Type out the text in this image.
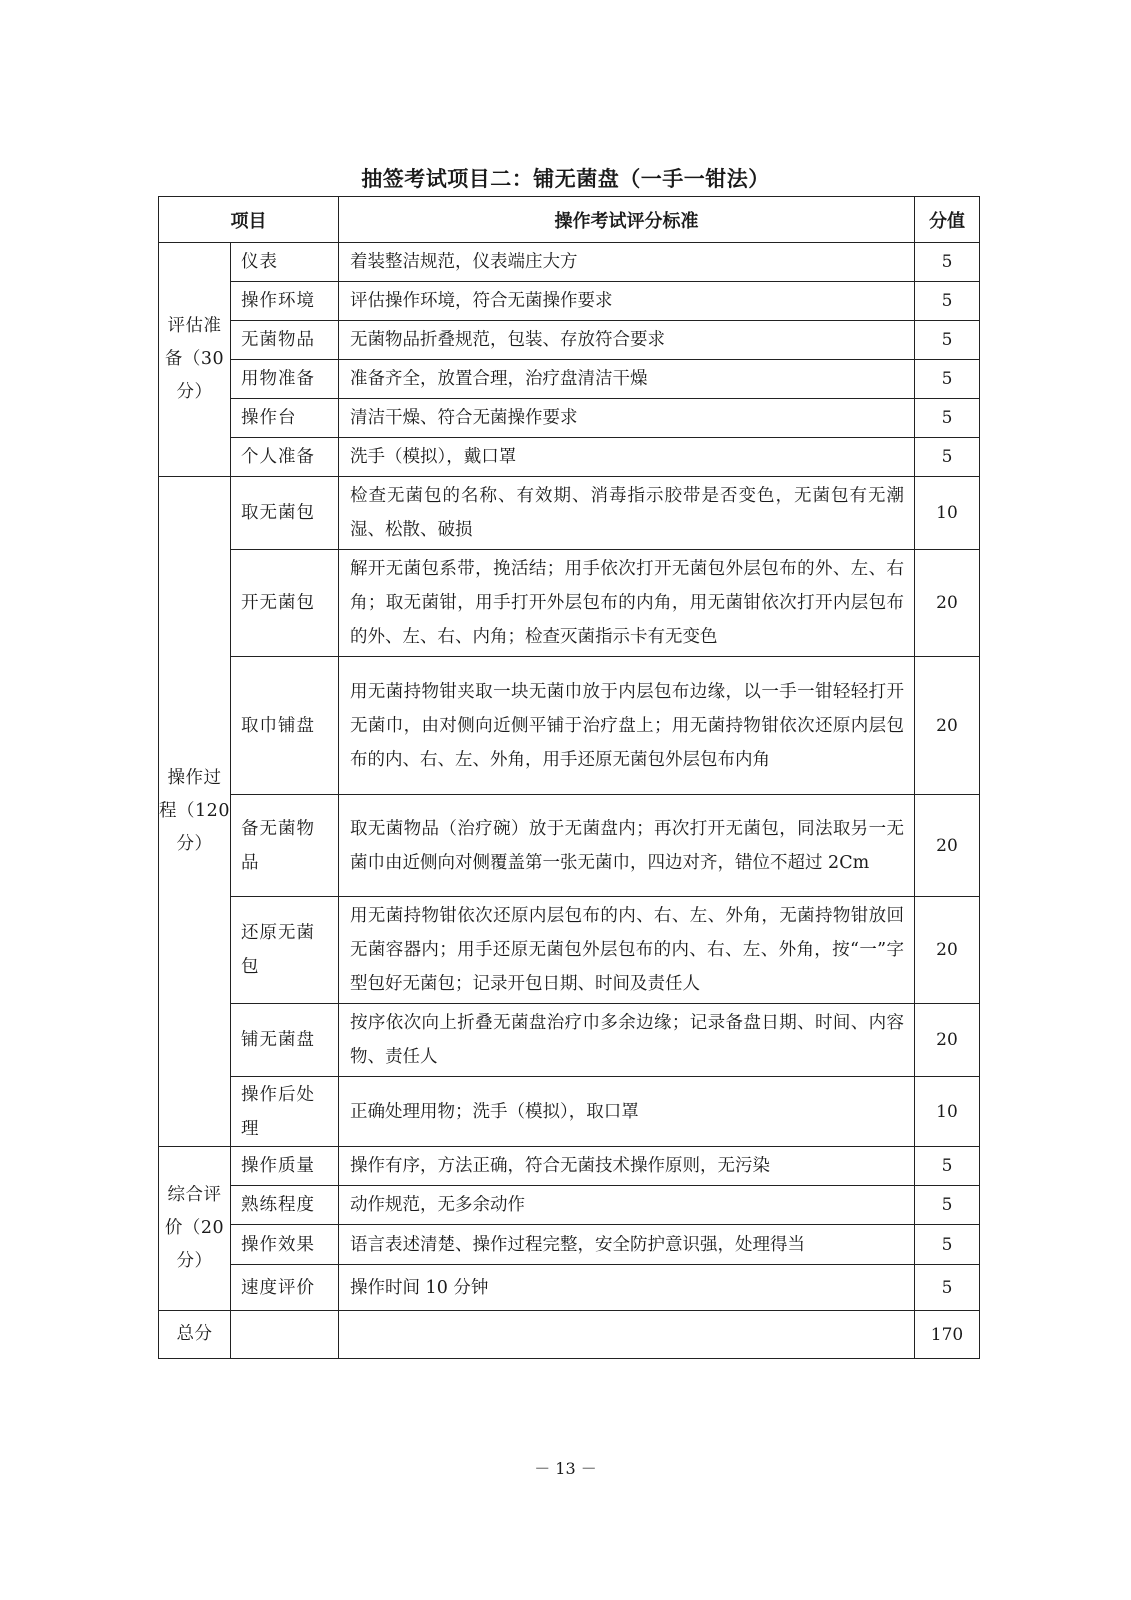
抽签考试项目二：铺无菌盘（一手一钳法）
项目		操作考试评分标准	分值
评估准备（30分）	仪表	着装整洁规范，仪表端庄大方	5
	操作环境	评估操作环境，符合无菌操作要求	5
	无菌物品	无菌物品折叠规范，包装、存放符合要求	5
	用物准备	准备齐全，放置合理，治疗盘清洁干燥	5
	操作台	清洁干燥、符合无菌操作要求	5
	个人准备	洗手（模拟），戴口罩	5
操作过程（120分）	取无菌包	检查无菌包的名称、有效期、消毒指示胶带是否变色，无菌包有无潮湿、松散、破损	10
	开无菌包	解开无菌包系带，挽活结；用手依次打开无菌包外层包布的外、左、右角；取无菌钳，用手打开外层包布的内角，用无菌钳依次打开内层包布的外、左、右、内角；检查灭菌指示卡有无变色	20
	取巾铺盘	用无菌持物钳夹取一块无菌巾放于内层包布边缘，以一手一钳轻轻打开无菌巾，由对侧向近侧平铺于治疗盘上；用无菌持物钳依次还原内层包布的内、右、左、外角，用手还原无菌包外层包布内角	20
	备无菌物品	取无菌物品（治疗碗）放于无菌盘内；再次打开无菌包，同法取另一无菌巾由近侧向对侧覆盖第一张无菌巾，四边对齐，错位不超过 2Cm	20
	还原无菌包	用无菌持物钳依次还原内层包布的内、右、左、外角，无菌持物钳放回无菌容器内；用手还原无菌包外层包布的内、右、左、外角，按“一”字型包好无菌包；记录开包日期、时间及责任人	20
	铺无菌盘	按序依次向上折叠无菌盘治疗巾多余边缘；记录备盘日期、时间、内容物、责任人	20
	操作后处理	正确处理用物；洗手（模拟），取口罩	10
综合评价（20分）	操作质量	操作有序，方法正确，符合无菌技术操作原则，无污染	5
	熟练程度	动作规范，无多余动作	5
	操作效果	语言表述清楚、操作过程完整，安全防护意识强，处理得当	5
	速度评价	操作时间 10 分钟	5
总分			170
－ 13 －
